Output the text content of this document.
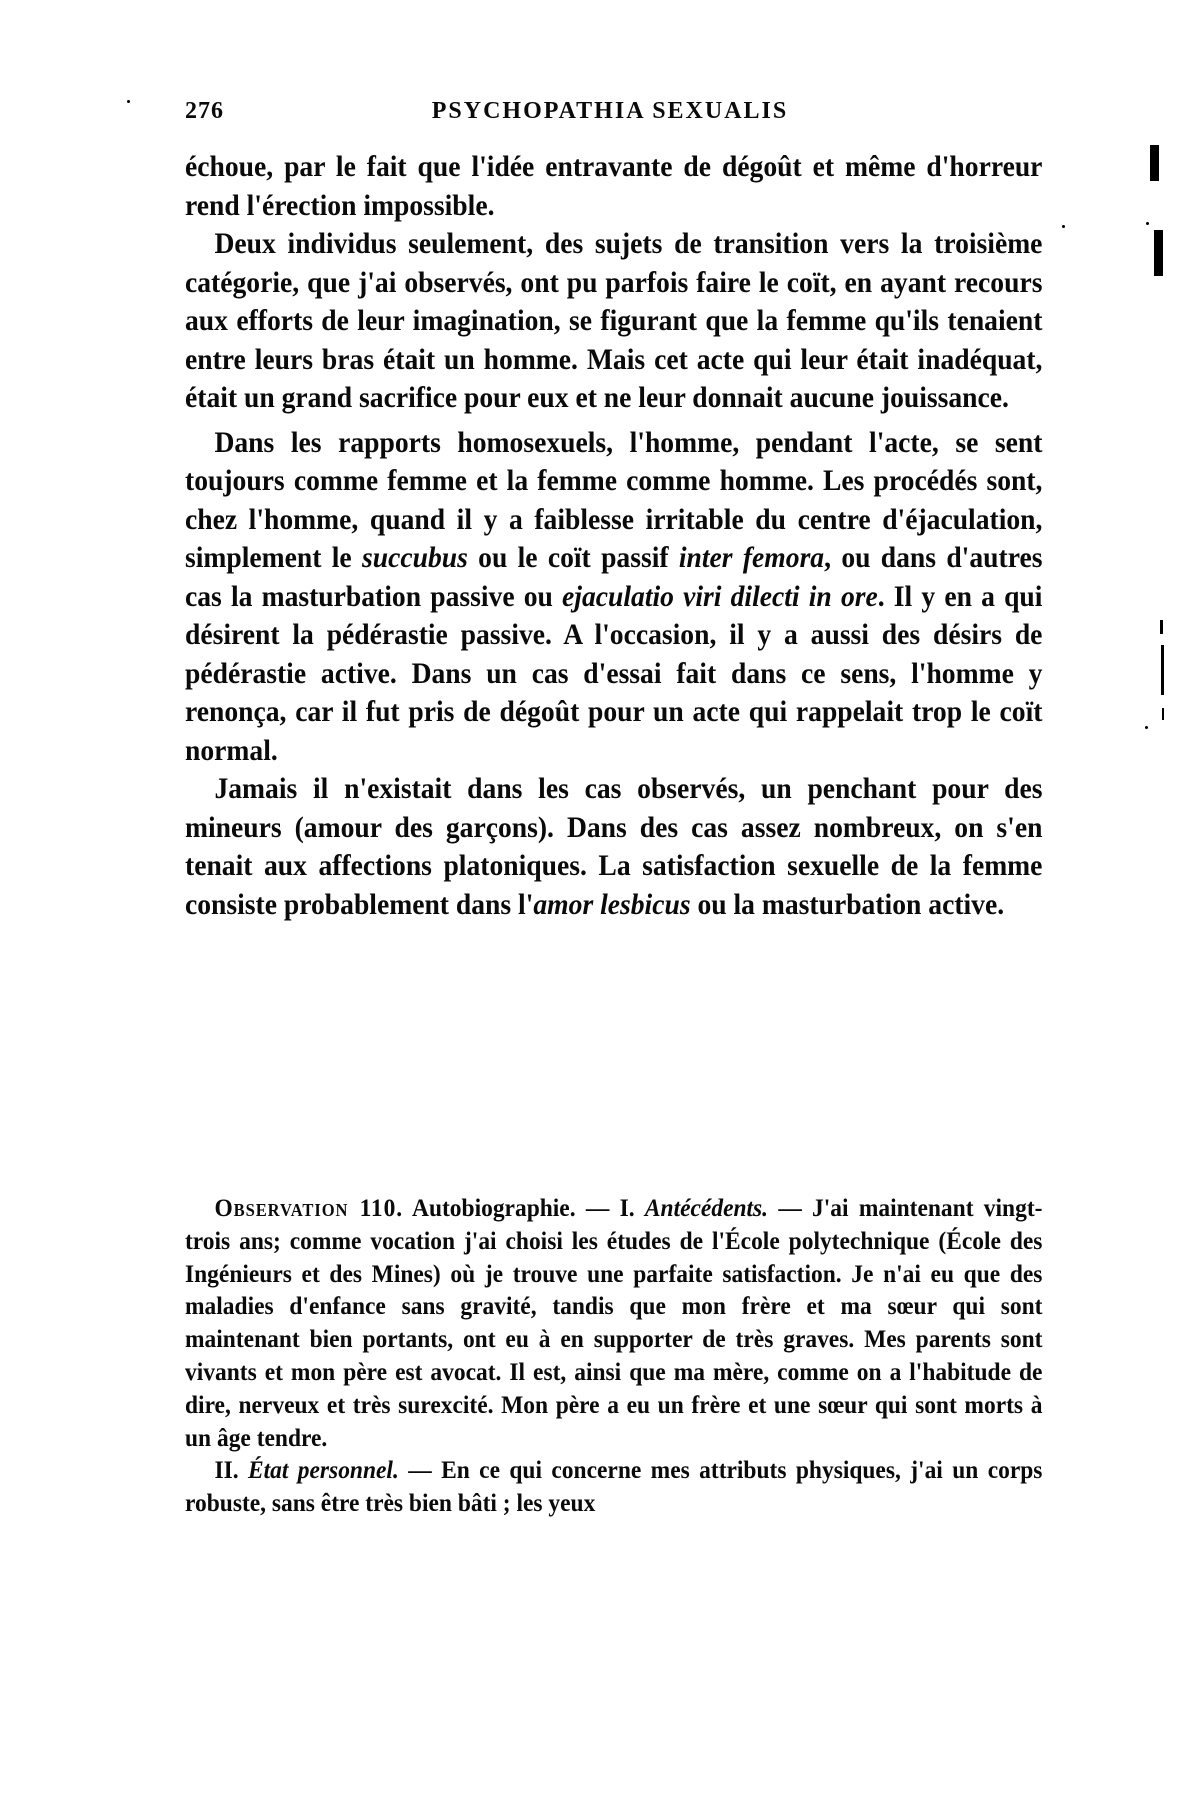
276	PSYCHOPATHIA SEXUALIS

échoue, par le fait que l'idée entravante de dégoût et même d'horreur rend l'érection impossible.

Deux individus seulement, des sujets de transition vers la troisième catégorie, que j'ai observés, ont pu parfois faire le coït, en ayant recours aux efforts de leur imagination, se figurant que la femme qu'ils tenaient entre leurs bras était un homme. Mais cet acte qui leur était inadéquat, était un grand sacrifice pour eux et ne leur donnait aucune jouissance.

Dans les rapports homosexuels, l'homme, pendant l'acte, se sent toujours comme femme et la femme comme homme. Les procédés sont, chez l'homme, quand il y a faiblesse irritable du centre d'éjaculation, simplement le succubus ou le coït passif inter femora, ou dans d'autres cas la masturbation passive ou ejaculatio viri dilecti in ore. Il y en a qui désirent la pédérastie passive. A l'occasion, il y a aussi des désirs de pédérastie active. Dans un cas d'essai fait dans ce sens, l'homme y renonça, car il fut pris de dégoût pour un acte qui rappelait trop le coït normal.

Jamais il n'existait dans les cas observés, un penchant pour des mineurs (amour des garçons). Dans des cas assez nombreux, on s'en tenait aux affections platoniques. La satisfaction sexuelle de la femme consiste probablement dans l'amor lesbicus ou la masturbation active.

Observation 110. Autobiographie. — I. Antécédents. — J'ai maintenant vingt-trois ans; comme vocation j'ai choisi les études de l'École polytechnique (École des Ingénieurs et des Mines) où je trouve une parfaite satisfaction. Je n'ai eu que des maladies d'enfance sans gravité, tandis que mon frère et ma sœur qui sont maintenant bien portants, ont eu à en supporter de très graves. Mes parents sont vivants et mon père est avocat. Il est, ainsi que ma mère, comme on a l'habitude de dire, nerveux et très surexcité. Mon père a eu un frère et une sœur qui sont morts à un âge tendre.

II. État personnel. — En ce qui concerne mes attributs physiques, j'ai un corps robuste, sans être très bien bâti ; les yeux
